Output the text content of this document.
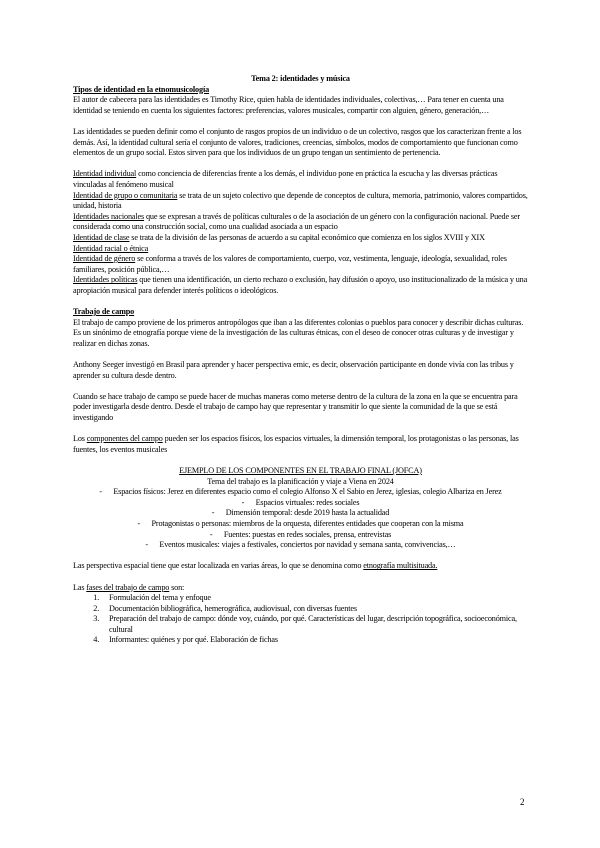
Tema 2: identidades y música
Tipos de identidad en la etnomusicología

El autor de cabecera para las identidades es Timothy Rice, quien habla de identidades individuales, colectivas,… Para tener en cuenta una identidad se teniendo en cuenta los siguientes factores: preferencias, valores musicales, compartir con alguien, género, generación,…

Las identidades se pueden definir como el conjunto de rasgos propios de un individuo o de un colectivo, rasgos que los caracterizan frente a los demás. Así, la identidad cultural sería el conjunto de valores, tradiciones, creencias, símbolos, modos de comportamiento que funcionan como elementos de un grupo social. Estos sirven para que los individuos de un grupo tengan un sentimiento de pertenencia.

Identidad individual como conciencia de diferencias frente a los demás, el individuo pone en práctica la escucha y las diversas prácticas vinculadas al fenómeno musical

Identidad de grupo o comunitaria se trata de un sujeto colectivo que depende de conceptos de cultura, memoria, patrimonio, valores compartidos, unidad, historia

Identidades nacionales que se expresan a través de políticas culturales o de la asociación de un género con la configuración nacional. Puede ser considerada como una construcción social, como una cualidad asociada a un espacio

Identidad de clase se trata de la división de las personas de acuerdo a su capital económico que comienza en los siglos XVIII y XIX

Identidad racial o étnica

Identidad de género se conforma a través de los valores de comportamiento, cuerpo, voz, vestimenta, lenguaje, ideología, sexualidad, roles familiares, posición pública,…

Identidades políticas que tienen una identificación, un cierto rechazo o exclusión, hay difusión o apoyo, uso institucionalizado de la música y una apropiación musical para defender interés políticos o ideológicos.

Trabajo de campo

El trabajo de campo proviene de los primeros antropólogos que iban a las diferentes colonias o pueblos para conocer y describir dichas culturas. Es un sinónimo de etnografía porque viene de la investigación de las culturas étnicas, con el deseo de conocer otras culturas y de investigar y realizar en dichas zonas.

Anthony Seeger investigó en Brasil para aprender y hacer perspectiva emic, es decir, observación participante en donde vivía con las tribus y aprender su cultura desde dentro.

Cuando se hace trabajo de campo se puede hacer de muchas maneras como meterse dentro de la cultura de la zona en la que se encuentra para poder investigarla desde dentro. Desde el trabajo de campo hay que representar y transmitir lo que siente la comunidad de la que se está investigando

Los componentes del campo pueden ser los espacios físicos, los espacios virtuales, la dimensión temporal, los protagonistas o las personas, las fuentes, los eventos musicales

EJEMPLO DE LOS COMPONENTES EN EL TRABAJO FINAL (JOFCA)
Tema del trabajo es la planificación y viaje a Viena en 2024
-      Espacios físicos: Jerez en diferentes espacio como el colegio Alfonso X el Sabio en Jerez, iglesias, colegio Albariza en Jerez
-      Espacios virtuales: redes sociales
-      Dimensión temporal: desde 2019 hasta la actualidad
-      Protagonistas o personas: miembros de la orquesta, diferentes entidades que cooperan con la misma
-      Fuentes: puestas en redes sociales, prensa, entrevistas
-      Eventos musicales: viajes a festivales, conciertos por navidad y semana santa, convivencias,…

Las perspectiva espacial tiene que estar localizada en varias áreas, lo que se denomina como etnografía multisituada.

Las fases del trabajo de campo son:

1. Formulación del tema y enfoque
2. Documentación bibliográfica, hemerográfica, audiovisual, con diversas fuentes
3. Preparación del trabajo de campo: dónde voy, cuándo, por qué. Características del lugar, descripción topográfica, socioeconómica, cultural
4. Informantes: quiénes y por qué. Elaboración de fichas
2
